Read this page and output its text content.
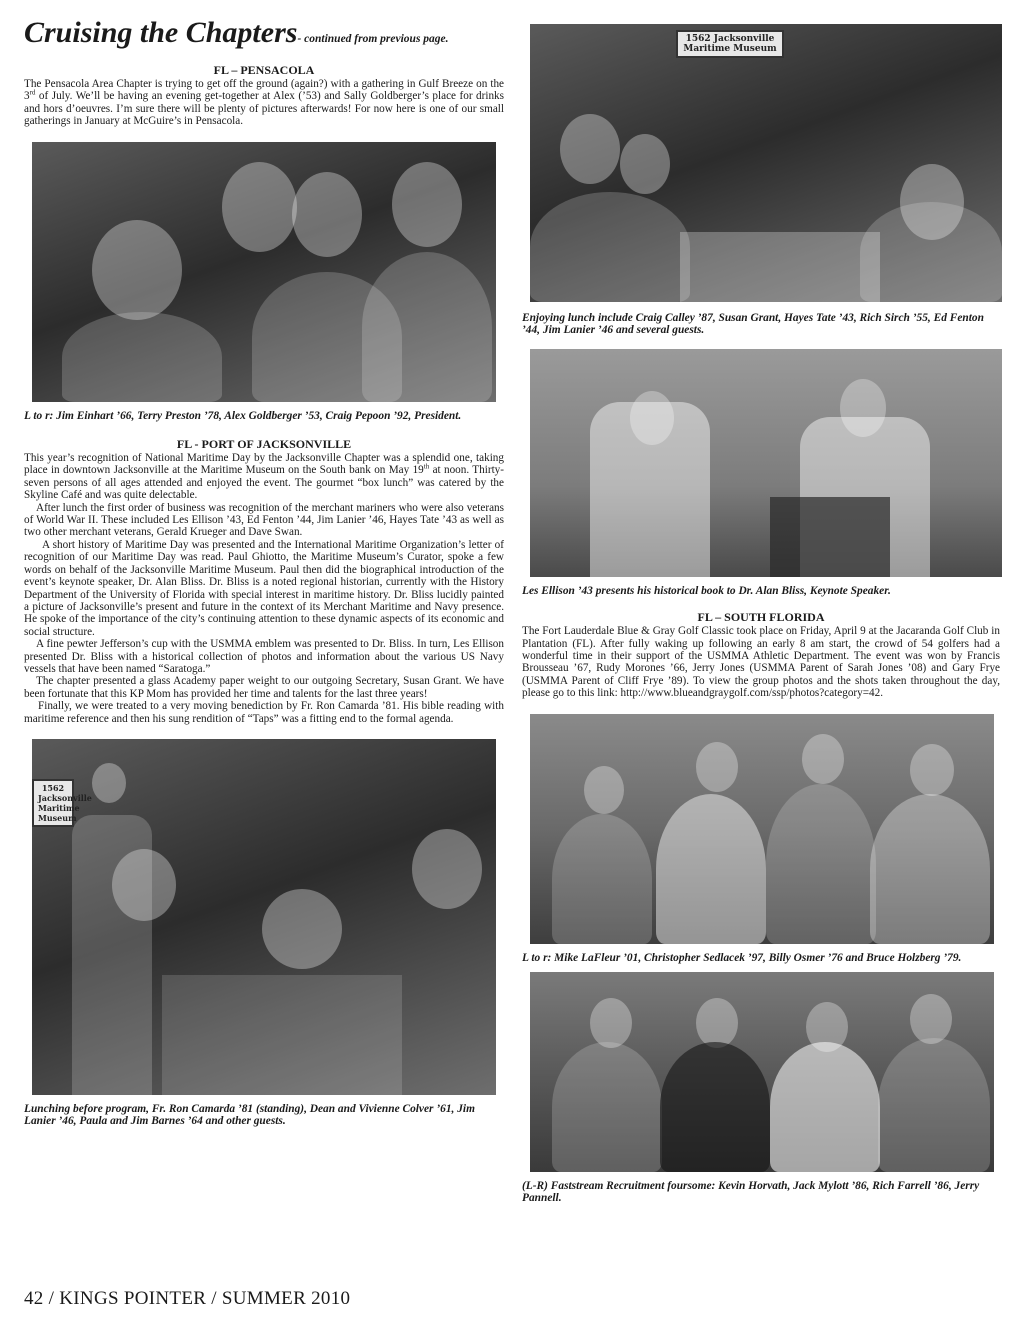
Cruising the Chapters- continued from previous page.

FL – PENSACOLA

The Pensacola Area Chapter is trying to get off the ground (again?) with a gathering in Gulf Breeze on the 3rd of July. We’ll be having an evening get-together at Alex (’53) and Sally Goldberger’s place for drinks and hors d’oeuvres. I’m sure there will be plenty of pictures afterwards! For now here is one of our small gatherings in January at McGuire’s in Pensacola.

L to r: Jim Einhart ’66, Terry Preston ’78, Alex Goldberger ’53, Craig Pepoon ’92, President.

FL - PORT OF JACKSONVILLE

This year’s recognition of National Maritime Day by the Jacksonville Chapter was a splendid one, taking place in downtown Jacksonville at the Maritime Museum on the South bank on May 19th at noon. Thirty-seven persons of all ages attended and enjoyed the event. The gourmet “box lunch” was catered by the Skyline Café and was quite delectable.

After lunch the first order of business was recognition of the merchant mariners who were also veterans of World War II. These included Les Ellison ’43, Ed Fenton ’44, Jim Lanier ’46, Hayes Tate ’43 as well as two other merchant veterans, Gerald Krueger and Dave Swan.

A short history of Maritime Day was presented and the International Maritime Organization’s letter of recognition of our Maritime Day was read. Paul Ghiotto, the Maritime Museum’s Curator, spoke a few words on behalf of the Jacksonville Maritime Museum. Paul then did the biographical introduction of the event’s keynote speaker, Dr. Alan Bliss. Dr. Bliss is a noted regional historian, currently with the History Department of the University of Florida with special interest in maritime history. Dr. Bliss lucidly painted a picture of Jacksonville’s present and future in the context of its Merchant Maritime and Navy presence. He spoke of the importance of the city’s continuing attention to these dynamic aspects of its economic and social structure.

A fine pewter Jefferson’s cup with the USMMA emblem was presented to Dr. Bliss. In turn, Les Ellison presented Dr. Bliss with a historical collection of photos and information about the various US Navy vessels that have been named “Saratoga.”

The chapter presented a glass Academy paper weight to our outgoing Secretary, Susan Grant. We have been fortunate that this KP Mom has provided her time and talents for the last three years!

Finally, we were treated to a very moving benediction by Fr. Ron Camarda ’81. His bible reading with maritime reference and then his sung rendition of “Taps” was a fitting end to the formal agenda.

1562 Jacksonville Maritime Museum

Lunching before program, Fr. Ron Camarda ’81 (standing), Dean and Vivienne Colver ’61, Jim Lanier ’46, Paula and Jim Barnes ’64 and other guests.

1562 Jacksonville Maritime Museum

Enjoying lunch include Craig Calley ’87, Susan Grant, Hayes Tate ’43, Rich Sirch ’55, Ed Fenton ’44, Jim Lanier ’46 and several guests.

Les Ellison ’43 presents his historical book to Dr. Alan Bliss, Keynote Speaker.

FL – SOUTH FLORIDA

The Fort Lauderdale Blue & Gray Golf Classic took place on Friday, April 9 at the Jacaranda Golf Club in Plantation (FL). After fully waking up following an early 8 am start, the crowd of 54 golfers had a wonderful time in their support of the USMMA Athletic Department. The event was won by Francis Brousseau ’67, Rudy Morones ’66, Jerry Jones (USMMA Parent of Sarah Jones ’08) and Gary Frye (USMMA Parent of Cliff Frye ’89). To view the group photos and the shots taken throughout the day, please go to this link: http://www.blueandgraygolf.com/ssp/photos?category=42.

L to r: Mike LaFleur ’01, Christopher Sedlacek ’97, Billy Osmer ’76 and Bruce Holzberg ’79.

(L-R) Faststream Recruitment foursome: Kevin Horvath, Jack Mylott ’86, Rich Farrell ’86, Jerry Pannell.

42 / KINGS POINTER / SUMMER 2010
